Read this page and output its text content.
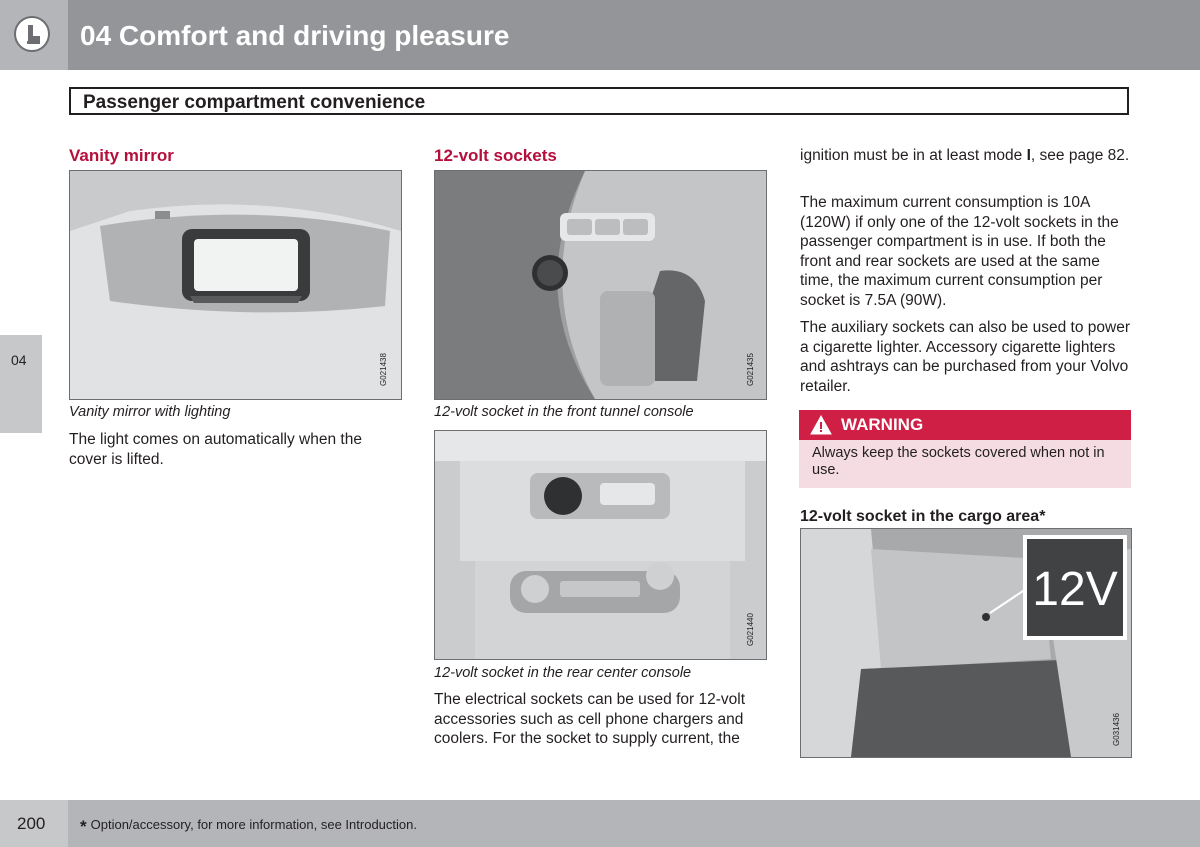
04 Comfort and driving pleasure
Passenger compartment convenience
04
Vanity mirror
G021438
Vanity mirror with lighting
The light comes on automatically when the cover is lifted.
12-volt sockets
G021435
12-volt socket in the front tunnel console
G021440
12-volt socket in the rear center console
The electrical sockets can be used for 12-volt accessories such as cell phone chargers and coolers. For the socket to supply current, the
ignition must be in at least mode I, see page 82.
The maximum current consumption is 10A (120W) if only one of the 12-volt sockets in the passenger compartment is in use. If both the front and rear sockets are used at the same time, the maximum current consumption per socket is 7.5A (90W).
The auxiliary sockets can also be used to power a cigarette lighter. Accessory cigarette lighters and ashtrays can be purchased from your Volvo retailer.
WARNING
Always keep the sockets covered when not in use.
12-volt socket in the cargo area*
12V
G031436
200 * Option/accessory, for more information, see Introduction.
